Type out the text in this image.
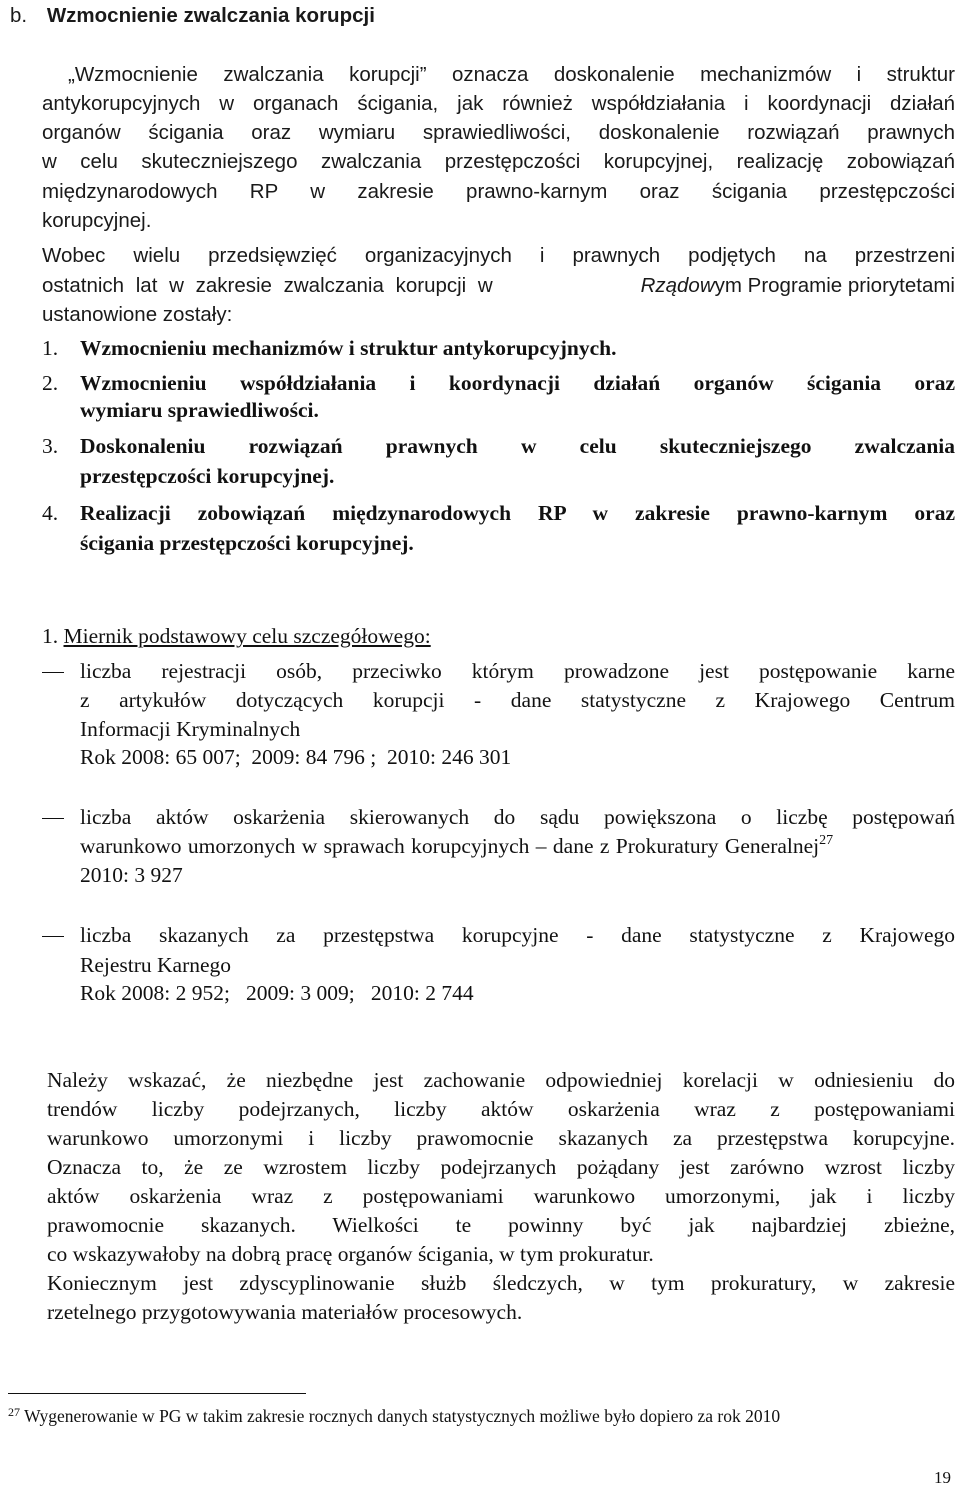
b. Wzmocnienie zwalczania korupcji
„Wzmocnienie zwalczania korupcji” oznacza doskonalenie mechanizmów i struktur
antykorupcyjnych w organach ścigania, jak również współdziałania i koordynacji działań
organów ścigania oraz wymiaru sprawiedliwości, doskonalenie rozwiązań prawnych
w celu skuteczniejszego zwalczania przestępczości korupcyjnej, realizację zobowiązań
międzynarodowych RP w zakresie prawno-karnym oraz ścigania przestępczości
korupcyjnej.
Wobec wielu przedsięwzięć organizacyjnych i prawnych podjętych na przestrzeni
ostatnich lat w zakresie zwalczania korupcji w	Rządowym Programie priorytetami
ustanowione zostały:
1. Wzmocnieniu mechanizmów i struktur antykorupcyjnych.
2. Wzmocnieniu współdziałania i koordynacji działań organów ścigania oraz
wymiaru sprawiedliwości.
3. Doskonaleniu rozwiązań prawnych w celu skuteczniejszego zwalczania
przestępczości korupcyjnej.
4. Realizacji zobowiązań międzynarodowych RP w zakresie prawno-karnym oraz
ścigania przestępczości korupcyjnej.
1. Miernik podstawowy celu szczegółowego:
liczba rejestracji osób, przeciwko którym prowadzone jest postępowanie karne
z artykułów dotyczących korupcji - dane statystyczne z Krajowego Centrum
Informacji Kryminalnych
Rok 2008: 65 007;  2009: 84 796 ;  2010: 246 301
liczba aktów oskarżenia skierowanych do sądu powiększona o liczbę postępowań
warunkowo umorzonych w sprawach korupcyjnych – dane z Prokuratury Generalnej$^{27}$
2010: 3 927
liczba skazanych za przestępstwa korupcyjne - dane statystyczne z Krajowego
Rejestru Karnego
Rok 2008: 2 952;   2009: 3 009;   2010: 2 744
Należy wskazać, że niezbędne jest zachowanie odpowiedniej korelacji w odniesieniu do
trendów liczby podejrzanych, liczby aktów oskarżenia wraz z postępowaniami
warunkowo umorzonymi i liczby prawomocnie skazanych za przestępstwa korupcyjne.
Oznacza to, że ze wzrostem liczby podejrzanych pożądany jest zarówno wzrost liczby
aktów oskarżenia wraz z postępowaniami warunkowo umorzonymi, jak i liczby
prawomocnie skazanych. Wielkości te powinny być jak najbardziej zbieżne,
co wskazywałoby na dobrą pracę organów ścigania, w tym prokuratur.
Koniecznym jest zdyscyplinowanie służb śledczych, w tym prokuratury, w zakresie
rzetelnego przygotowywania materiałów procesowych.
$^{27}$ Wygenerowanie w PG w takim zakresie rocznych danych statystycznych możliwe było dopiero za rok 2010
19
